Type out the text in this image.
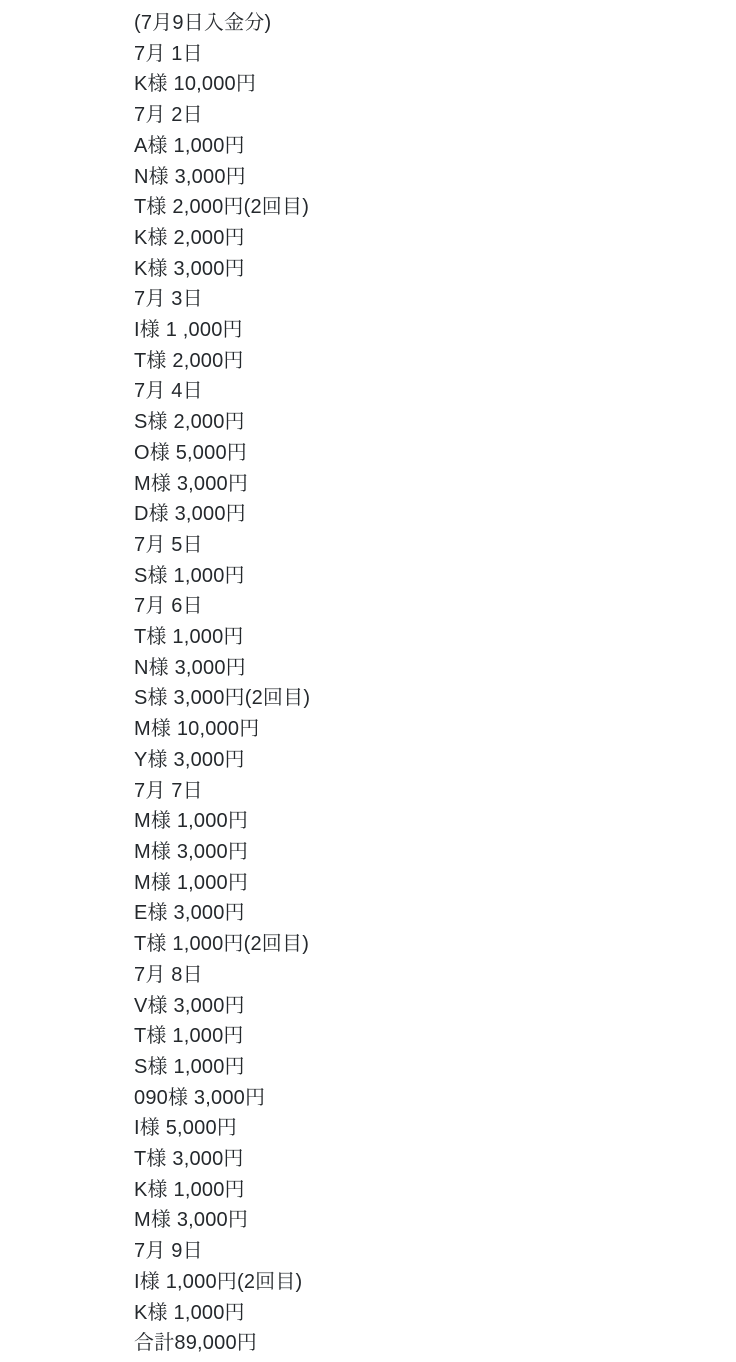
(7月9日入金分)
7月 1日
K様 10,000円
7月 2日
A様 1,000円
N様 3,000円
T様 2,000円(2回目)
K様 2,000円
K様 3,000円
7月 3日
I様 1 ,000円
T様 2,000円
7月 4日
S様 2,000円
O様 5,000円
M様 3,000円
D様 3,000円
7月 5日
S様 1,000円
7月 6日
T様 1,000円
N様 3,000円
S様 3,000円(2回目)
M様 10,000円
Y様 3,000円
7月 7日
M様 1,000円
M様 3,000円
M様 1,000円
E様 3,000円
T様 1,000円(2回目)
7月 8日
V様 3,000円
T様 1,000円
S様 1,000円
090様 3,000円
I様 5,000円
T様 3,000円
K様 1,000円
M様 3,000円
7月 9日
I様 1,000円(2回目)
K様 1,000円
合計89,000円
